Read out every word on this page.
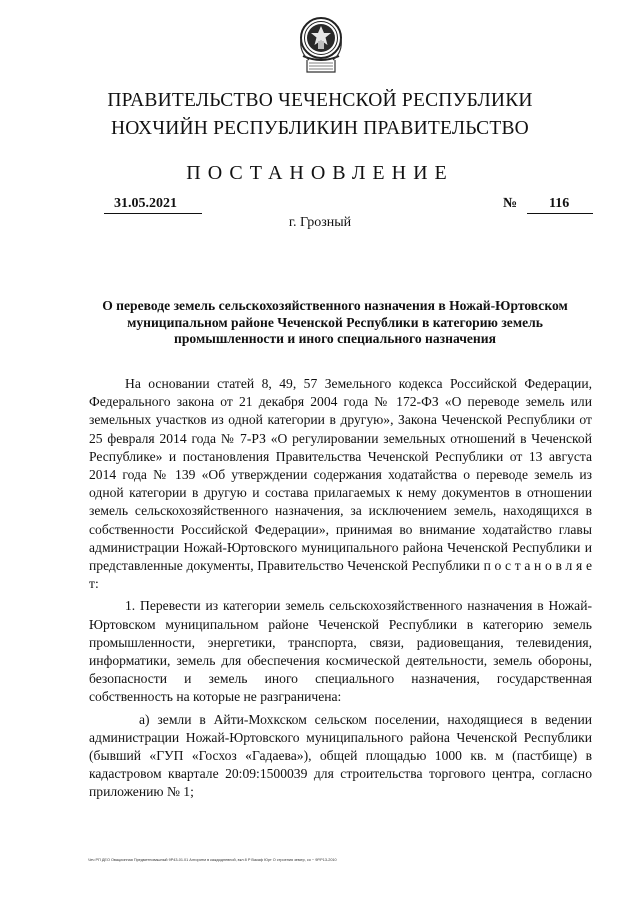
ПРАВИТЕЛЬСТВО ЧЕЧЕНСКОЙ РЕСПУБЛИКИ
НОХЧИЙН РЕСПУБЛИКИН ПРАВИТЕЛЬСТВО
ПОСТАНОВЛЕНИЕ
31.05.2021	№	116
г. Грозный
О переводе земель сельскохозяйственного назначения в Ножай-Юртовском муниципальном районе Чеченской Республики в категорию земель промышленности и иного специального назначения

На основании статей 8, 49, 57 Земельного кодекса Российской Федерации, Федерального закона от 21 декабря 2004 года № 172-ФЗ «О переводе земель или земельных участков из одной категории в другую», Закона Чеченской Республики от 25 февраля 2014 года № 7-РЗ «О регулировании земельных отношений в Чеченской Республике» и постановления Правительства Чеченской Республики от 13 августа 2014 года № 139 «Об утверждении содержания ходатайства о переводе земель из одной категории в другую и состава прилагаемых к нему документов в отношении земель сельскохозяйственного назначения, за исключением земель, находящихся в собственности Российской Федерации», принимая во внимание ходатайство главы администрации Ножай-Юртовского муниципального района Чеченской Республики и представленные документы, Правительство Чеченской Республики п о с т а н о в л я е т:

1. Перевести из категории земель сельскохозяйственного назначения в Ножай-Юртовском муниципальном районе Чеченской Республики в категорию земель промышленности, энергетики, транспорта, связи, радиовещания, телевидения, информатики, земель для обеспечения космической деятельности, земель обороны, безопасности и земель иного специального назначения, государственная собственность на которые не разграничена:

а) земли в Айти-Мохкском сельском поселении, находящиеся в ведении администрации Ножай-Юртовского муниципального района Чеченской Республики (бывший «ГУП «Госхоз «Гадаева»), общей площадью 1000 кв. м (пастбище) в кадастровом квартале 20:09:1500039 для строительства торгового центра, согласно приложению № 1;

Чеч РП ДЕО Овационная Предметновашный 9P43-01.01 Алгоритм в каждодневной, вкл 8 Р Вакаф Юрт О строения земер, со ~ 9Р.Р13-2010
